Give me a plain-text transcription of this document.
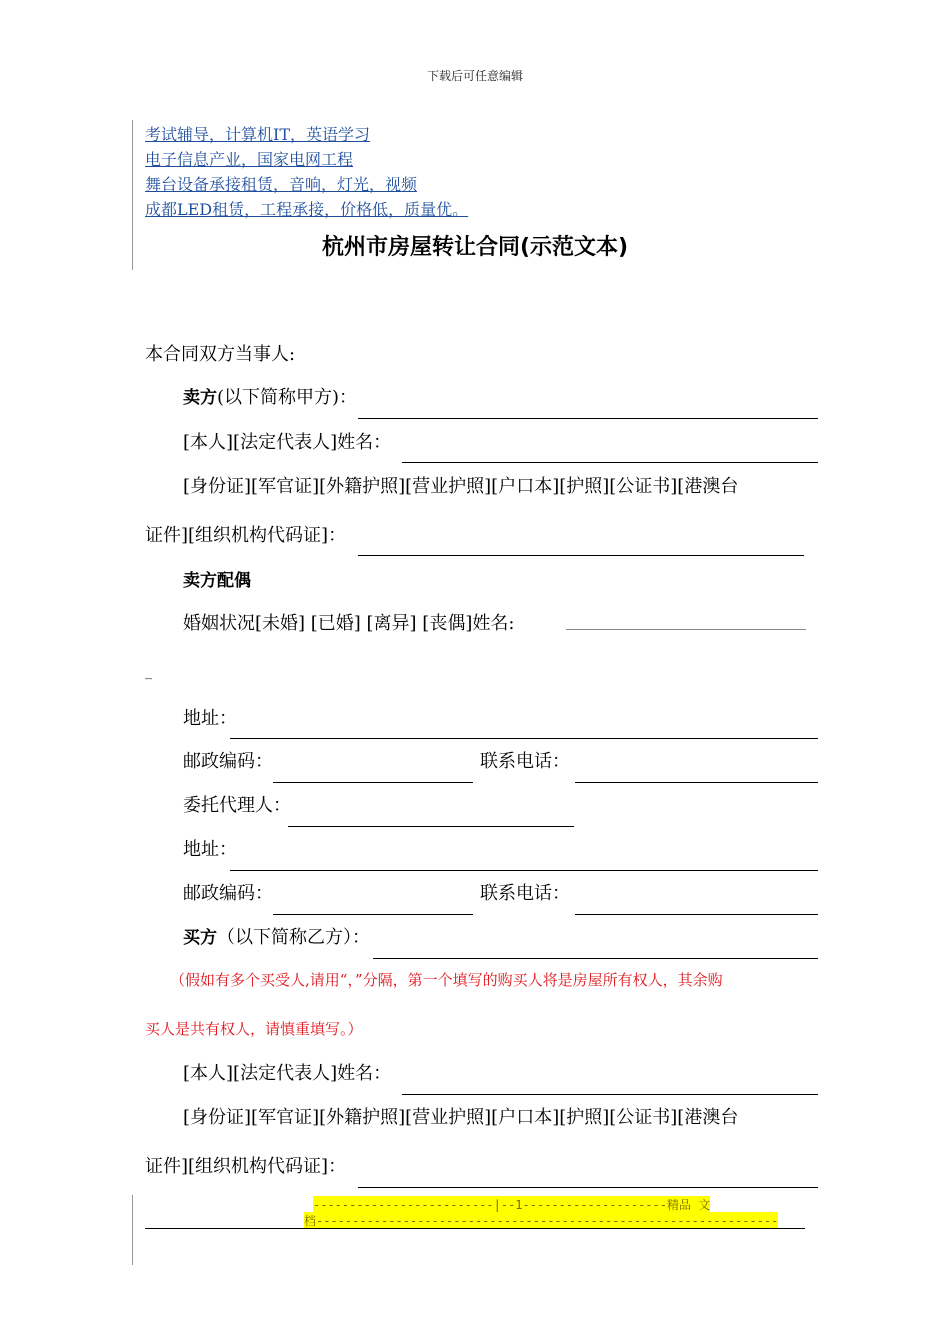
下载后可任意编辑
考试辅导，计算机IT，英语学习
电子信息产业，国家电网工程
舞台设备承接租赁，音响，灯光，视频
成都LED租赁，工程承接，价格低，质量优。
杭州市房屋转让合同(示范文本)
本合同双方当事人:
卖方(以下简称甲方)：
[本人][法定代表人]姓名：
[身份证][军官证][外籍护照][营业护照][户口本][护照][公证书][港澳台
证件][组织机构代码证]：
卖方配偶
婚姻状况[未婚] [已婚] [离异] [丧偶]姓名:
_
地址：
邮政编码：	联系电话：
委托代理人：
地址：
邮政编码：	联系电话：
买方（以下简称乙方）：
（假如有多个买受人,请用“，”分隔，第一个填写的购买人将是房屋所有权人，其余购
买人是共有权人，请慎重填写。）
[本人][法定代表人]姓名：
[身份证][军官证][外籍护照][营业护照][户口本][护照][公证书][港澳台
证件][组织机构代码证]：
-------------------------|--1--------------------精品 文
档----------------------------------------------------------------
